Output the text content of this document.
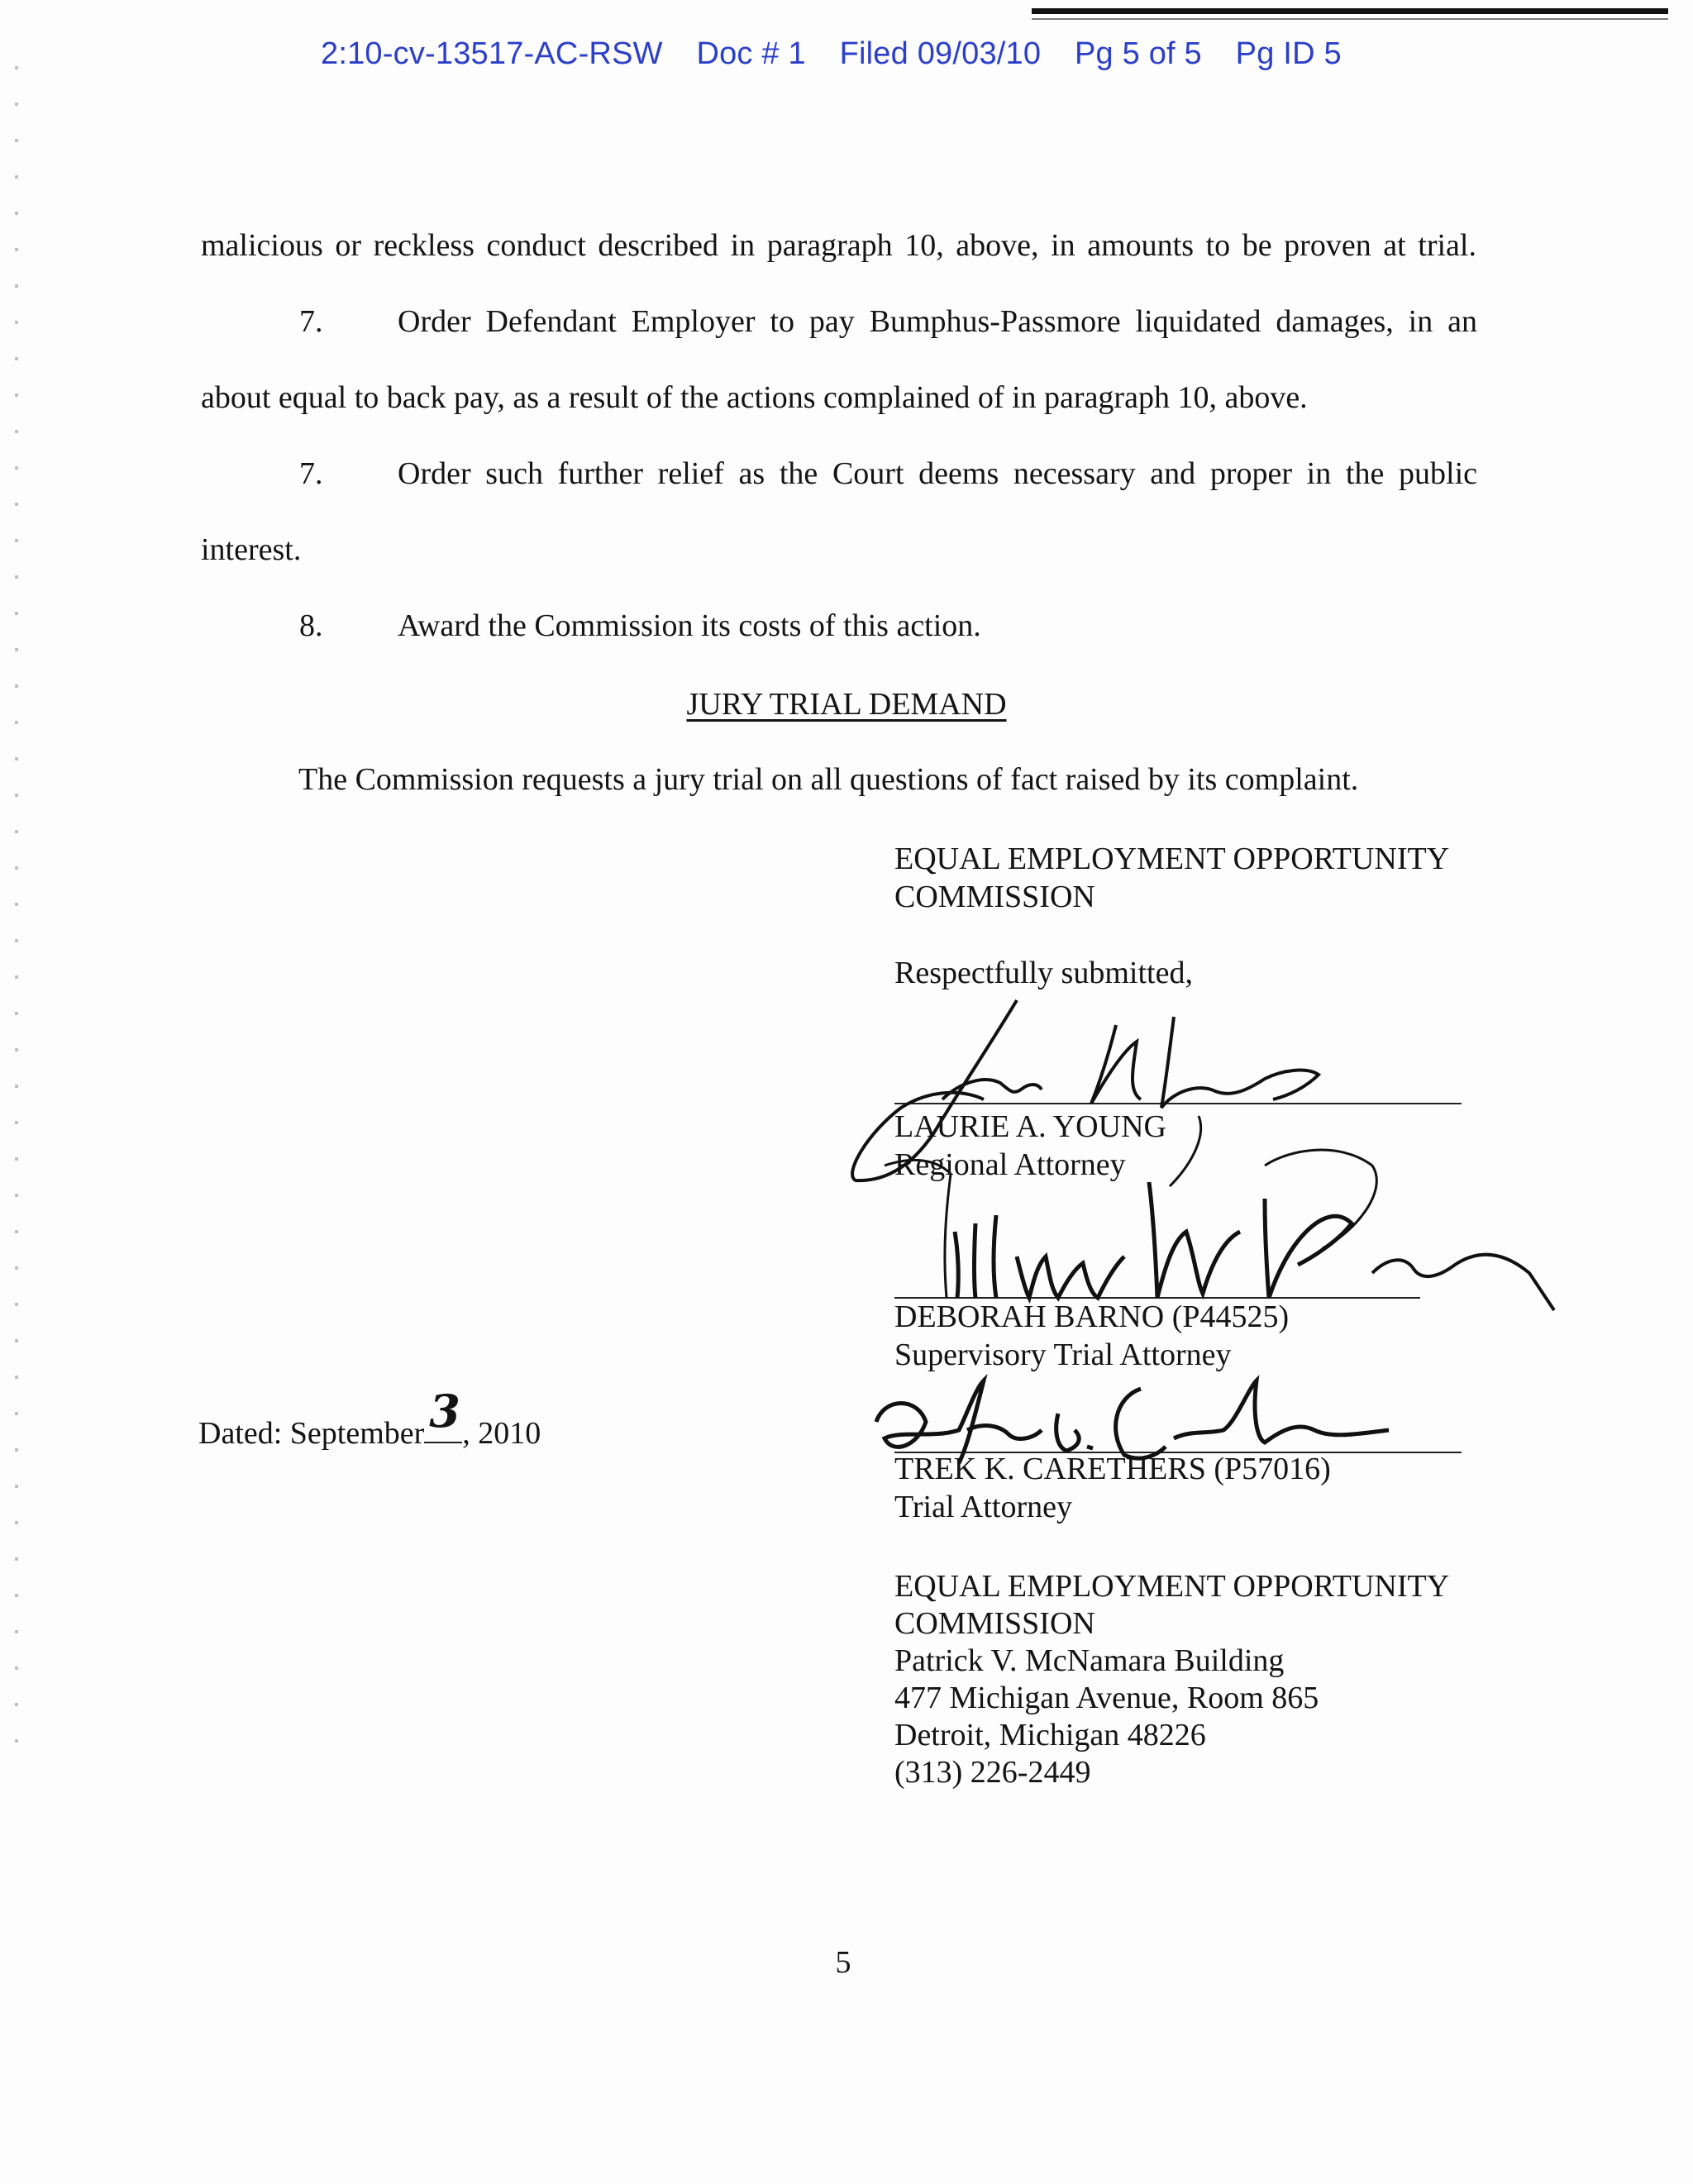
2:10-cv-13517-AC-RSW Doc # 1 Filed 09/03/10 Pg 5 of 5 Pg ID 5
malicious or reckless conduct described in paragraph 10, above, in amounts to be proven at trial.
7. Order Defendant Employer to pay Bumphus-Passmore liquidated damages, in an
about equal to back pay, as a result of the actions complained of in paragraph 10, above.
7. Order such further relief as the Court deems necessary and proper in the public
interest.
8. Award the Commission its costs of this action.
JURY TRIAL DEMAND
The Commission requests a jury trial on all questions of fact raised by its complaint.
EQUAL EMPLOYMENT OPPORTUNITY
COMMISSION
Respectfully submitted,
LAURIE A. YOUNG
Regional Attorney
DEBORAH BARNO (P44525)
Supervisory Trial Attorney
TREK K. CARETHERS (P57016)
Trial Attorney
Dated: September 3 , 2010
EQUAL EMPLOYMENT OPPORTUNITY
COMMISSION
Patrick V. McNamara Building
477 Michigan Avenue, Room 865
Detroit, Michigan 48226
(313) 226-2449
5
